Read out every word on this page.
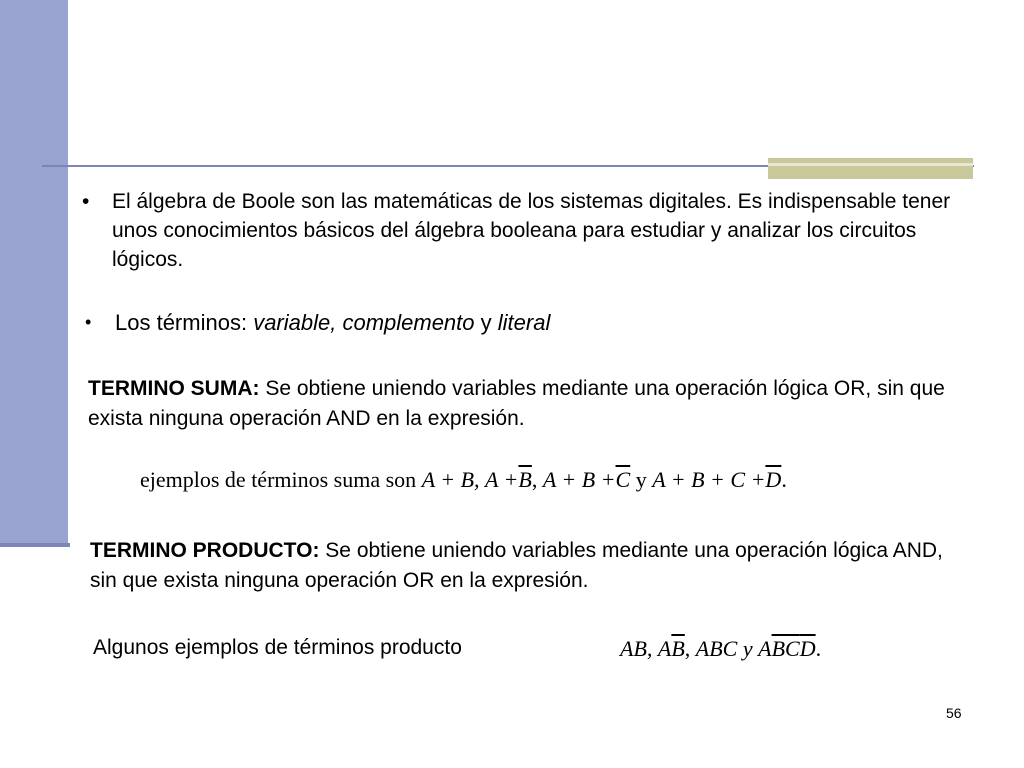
• El álgebra de Boole son las matemáticas de los sistemas digitales. Es indispensable tener unos conocimientos básicos del álgebra booleana para estudiar y analizar los circuitos lógicos.
• Los términos: variable, complemento y literal
TERMINO SUMA: Se obtiene uniendo variables mediante una operación lógica OR, sin que exista ninguna operación AND en la expresión.
ejemplos de términos suma son A + B, $A +\overline{B}$, $A + B +\overline{C}$ y $A + B + C +\overline{D}$.
TERMINO PRODUCTO: Se obtiene uniendo variables mediante una operación lógica AND, sin que exista ninguna operación OR en la expresión.
Algunos ejemplos de términos producto	AB, $A\overline{B}$, ABC y $A\overline{B}\overline{C}\overline{D}$.
56
